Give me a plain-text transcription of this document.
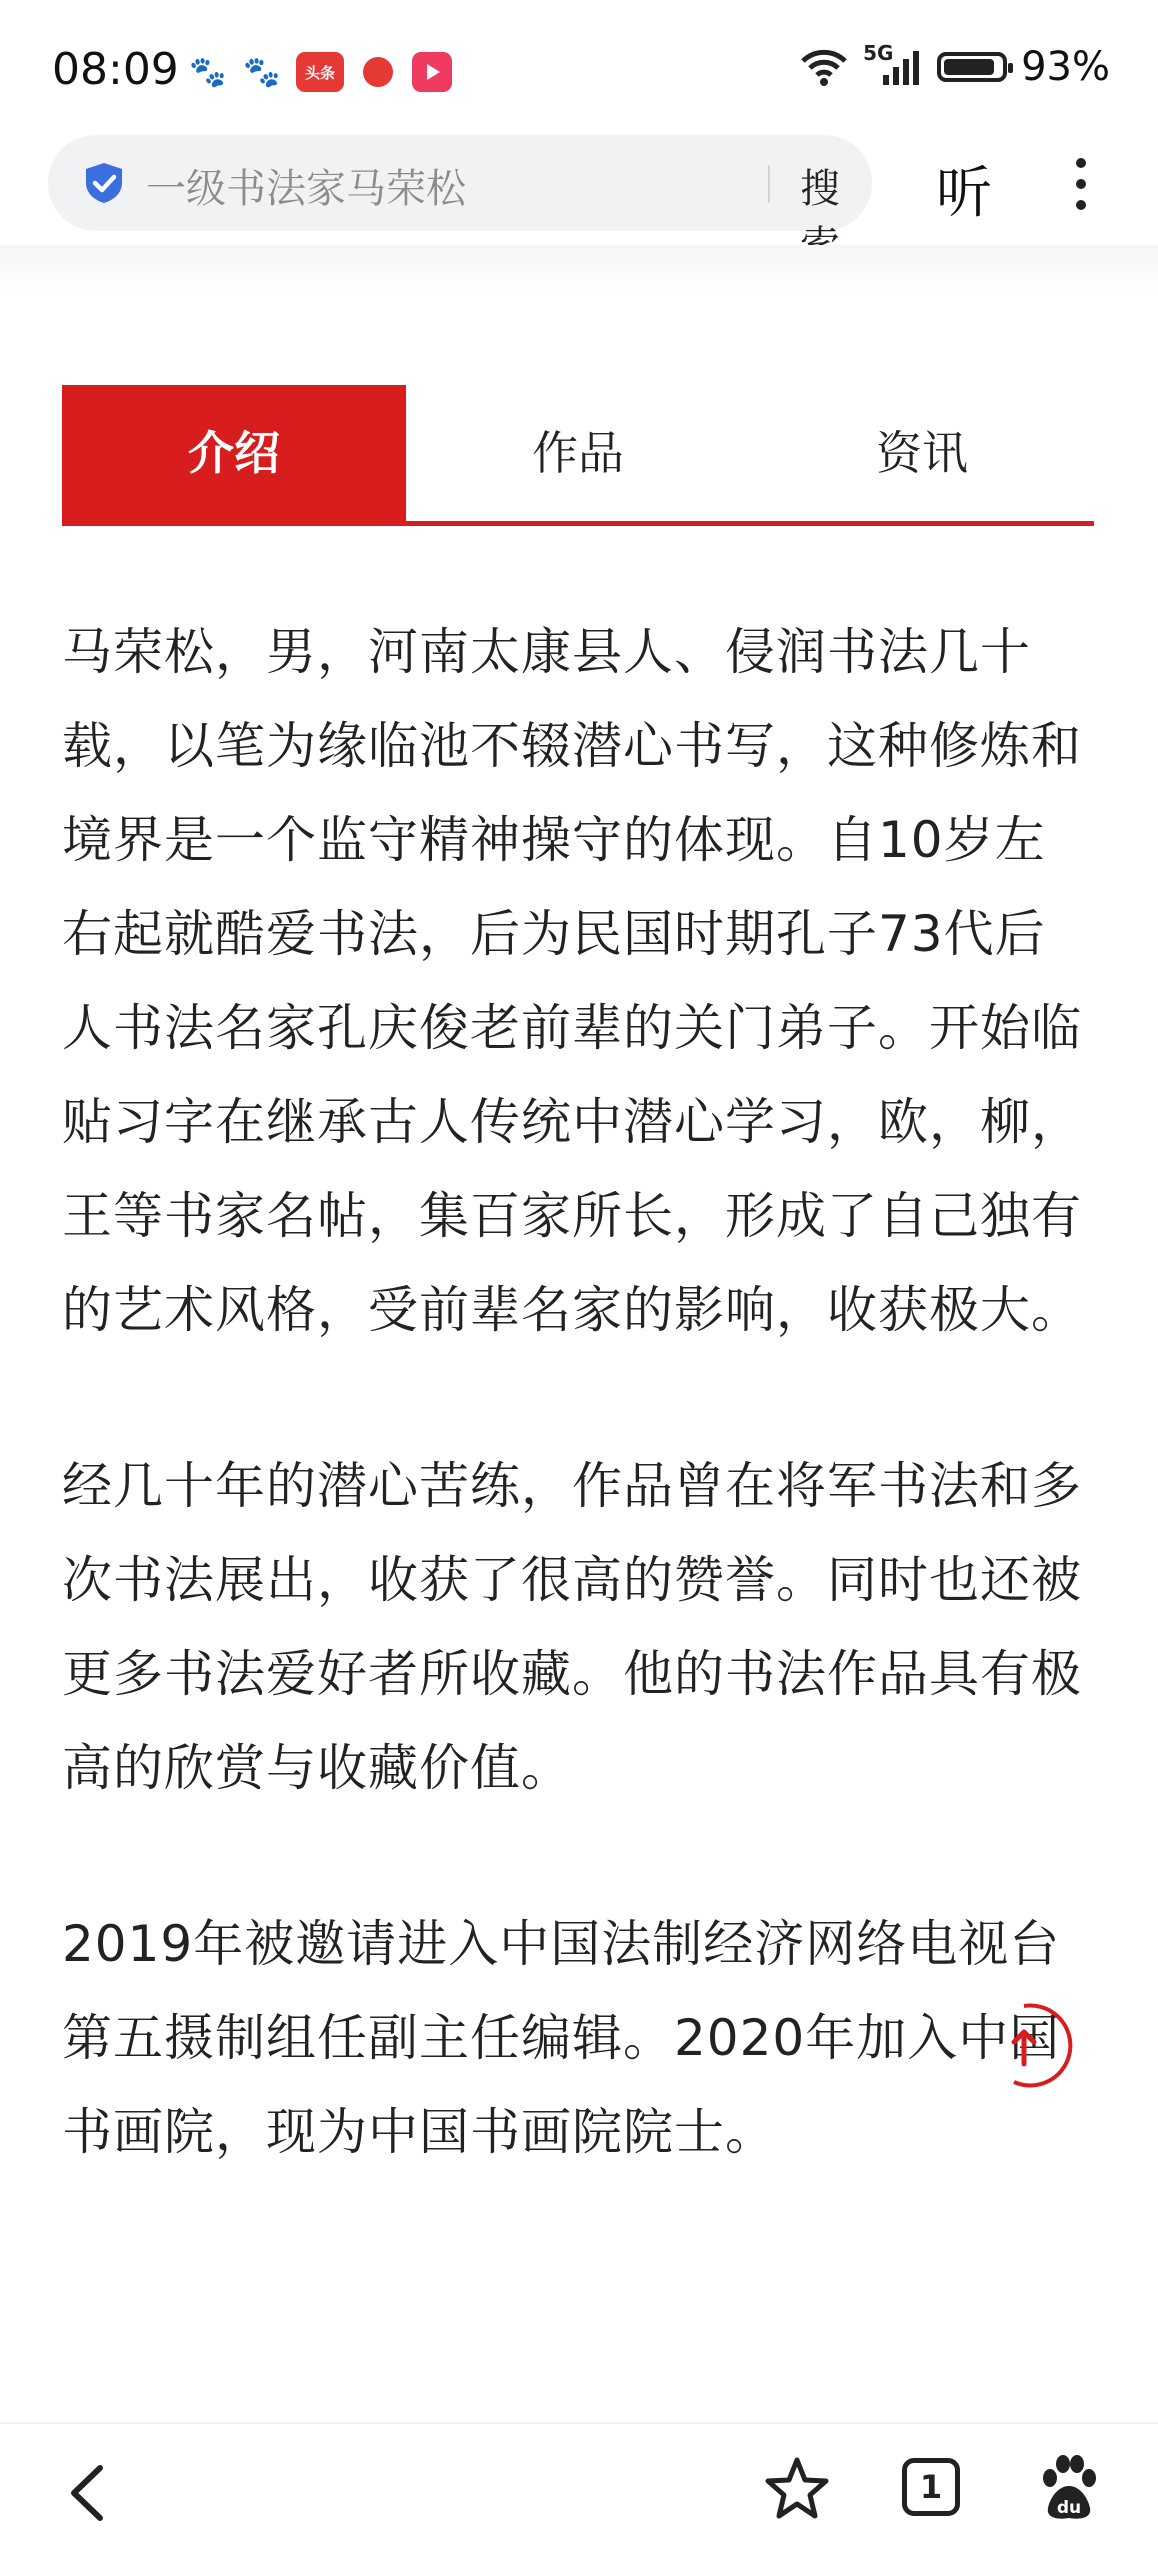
08:09 🐾 🐾	头条
5G	93%
一级书法家马荣松	搜	听
介绍	作品	资讯

马荣松，男，河南太康县人、侵润书法几十载，以笔为缘临池不辍潜心书写，这种修炼和境界是一个监守精神操守的体现。自10岁左右起就酷爱书法，后为民国时期孔子73代后人书法名家孔庆俊老前辈的关门弟子。开始临贴习字在继承古人传统中潜心学习，欧，柳，王等书家名帖，集百家所长，形成了自己独有的艺术风格，受前辈名家的影响，收获极大。

经几十年的潜心苦练，作品曾在将军书法和多次书法展出，收获了很高的赞誉。同时也还被更多书法爱好者所收藏。他的书法作品具有极高的欣赏与收藏价值。

2019年被邀请进入中国法制经济网络电视台第五摄制组任副主任编辑。2020年加入中国书画院，现为中国书画院院士。

1
du
